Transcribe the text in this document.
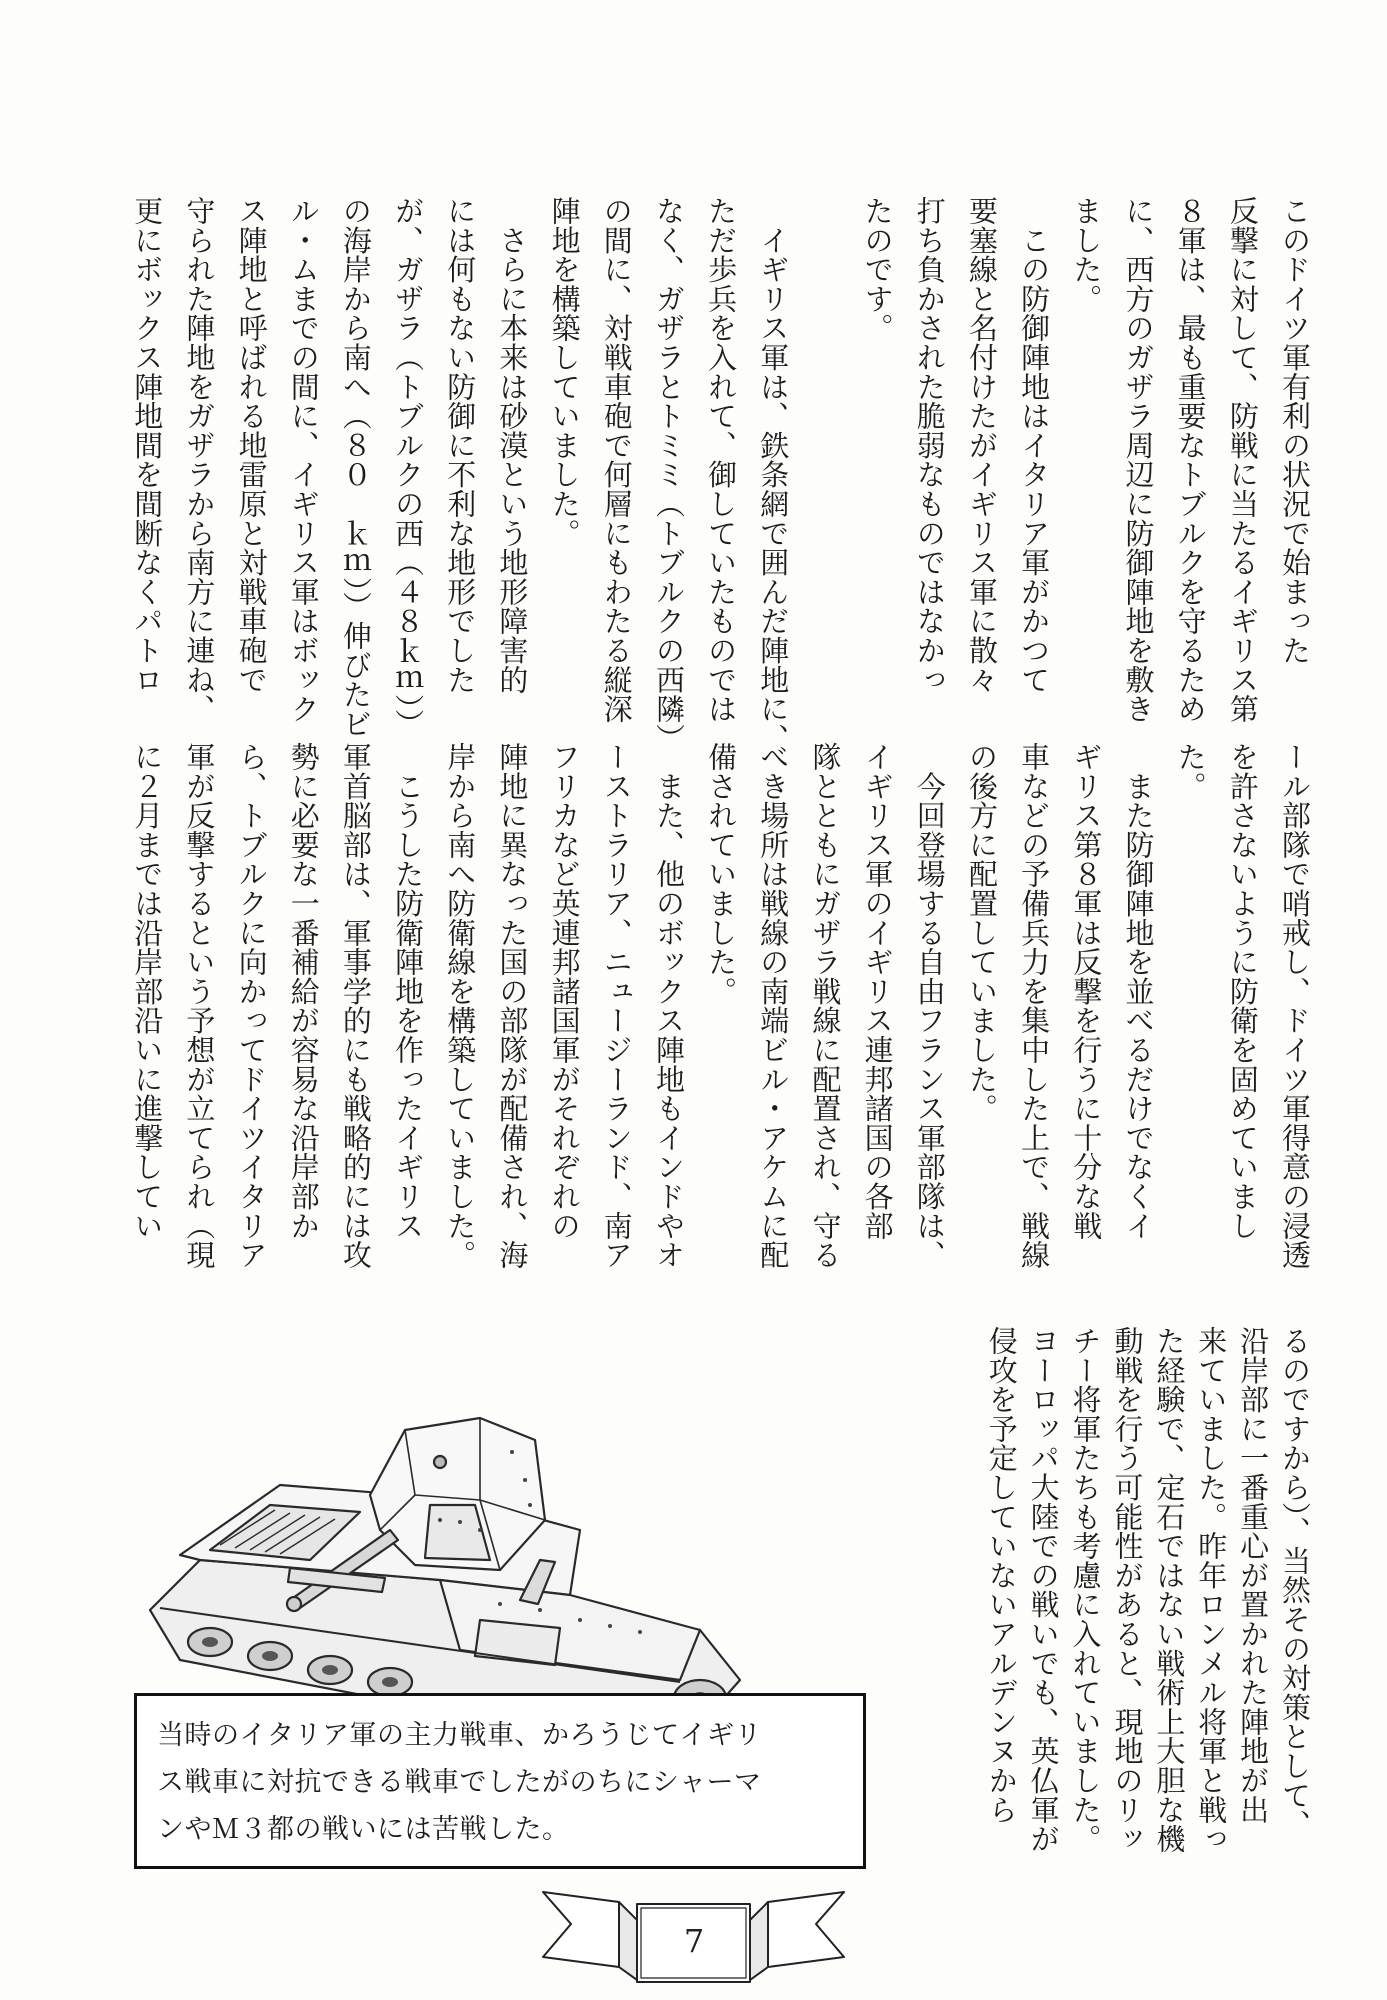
このドイツ軍有利の状況で始まった
反撃に対して、防戦に当たるイギリス第
８軍は、最も重要なトブルクを守るため
に、西方のガザラ周辺に防御陣地を敷き
ました。
　この防御陣地はイタリア軍がかつて
要塞線と名付けたがイギリス軍に散々
打ち負かされた脆弱なものではなかっ
たのです。
　イギリス軍は、鉄条網で囲んだ陣地に、
ただ歩兵を入れて、御していたものでは
なく、ガザラとトミミ（トブルクの西隣）
の間に、対戦車砲で何層にもわたる縦深
陣地を構築していました。
　さらに本来は砂漠という地形障害的
には何もない防御に不利な地形でした
が、ガザラ（トブルクの西（４８ｋｍ））
の海岸から南へ（８０　ｋｍ））伸びたビ
ル・ムまでの間に、イギリス軍はボック
ス陣地と呼ばれる地雷原と対戦車砲で
守られた陣地をガザラから南方に連ね、
更にボックス陣地間を間断なくパトロ
ール部隊で哨戒し、ドイツ軍得意の浸透
を許さないように防衛を固めていまし
た。
　また防御陣地を並べるだけでなくイ
ギリス第８軍は反撃を行うに十分な戦
車などの予備兵力を集中した上で、戦線
の後方に配置していました。
　今回登場する自由フランス軍部隊は、
イギリス軍のイギリス連邦諸国の各部
隊とともにガザラ戦線に配置され、守る
べき場所は戦線の南端ビル・アケムに配
備されていました。
　また、他のボックス陣地もインドやオ
ーストラリア、ニュージーランド、南ア
フリカなど英連邦諸国軍がそれぞれの
陣地に異なった国の部隊が配備され、海
岸から南へ防衛線を構築していました。
　こうした防衛陣地を作ったイギリス
軍首脳部は、軍事学的にも戦略的には攻
勢に必要な一番補給が容易な沿岸部か
ら、トブルクに向かってドイツイタリア
軍が反撃するという予想が立てられ（現
に２月までは沿岸部沿いに進撃してい
るのですから）、当然その対策として、
沿岸部に一番重心が置かれた陣地が出
来ていました。昨年ロンメル将軍と戦っ
た経験で、定石ではない戦術上大胆な機
動戦を行う可能性があると、現地のリッ
チー将軍たちも考慮に入れていました。
ヨーロッパ大陸での戦いでも、英仏軍が
侵攻を予定していないアルデンヌから
当時のイタリア軍の主力戦車、かろうじてイギリ
ス戦車に対抗できる戦車でしたがのちにシャーマ
ンやＭ３都の戦いには苦戦した。
7
